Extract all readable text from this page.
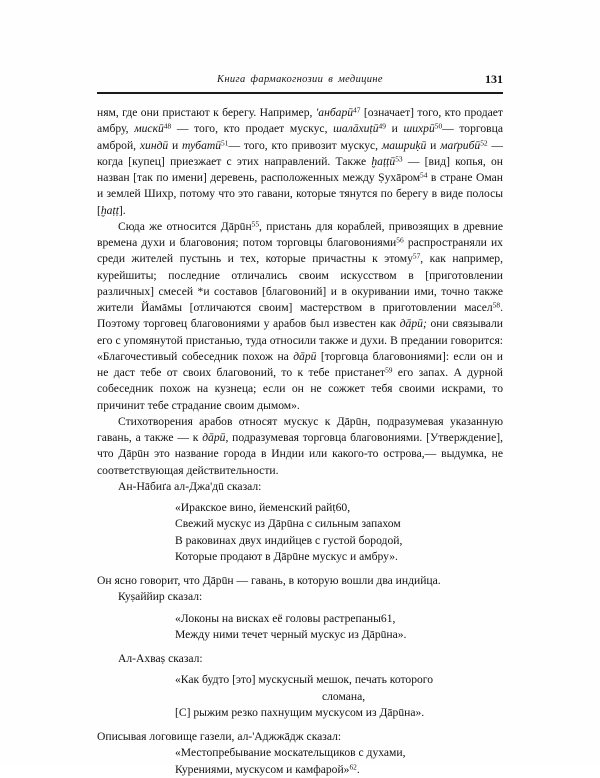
Книга фармакогнозии в медицине	131

ням, где они пристают к берегу. Например, 'анбарū$^{47}$ [означает] того, кто продает амбру, мискū$^{48}$ — того, кто продает мускус, шалāхиṭū$^{49}$ и шихрū$^{50}$— торговца амброй, хиндū и тубатū$^{51}$— того, кто привозит мускус, машриḳū и маґрибū$^{52}$ — когда [купец] приезжает с этих направлений. Также ḫаṭṭū$^{53}$ — [вид] копья, он назван [так по имени] деревень, расположенных между Ṣухāром$^{54}$ в стране Оман и землей Шихр, потому что это гавани, которые тянутся по берегу в виде полосы [ḫаṭṭ].

Сюда же относится Дāрūн$^{55}$, пристань для кораблей, привозящих в древние времена духи и благовония; потом торговцы благовониями$^{56}$ распространяли их среди жителей пустынь и тех, которые причастны к этому$^{57}$, как например, курейшиты; последние отличались своим искусством в [приготовлении различных] смесей *и составов [благовоний] и в окуривании ими, точно также жители Йамāмы [отличаются своим] мастерством в приготовлении масел$^{58}$. Поэтому торговец благовониями у арабов был известен как дāрū; они связывали его с упомянутой пристанью, туда относили также и духи. В предании говорится: «Благочестивый собеседник похож на дāрū [торговца благовониями]: если он и не даст тебе от своих благовоний, то к тебе пристанет$^{59}$ его запах. А дурной собеседник похож на кузнеца; если он не сожжет тебя своими искрами, то причинит тебе страдание своим дымом».

Стихотворения арабов относят мускус к Дāрūн, подразумевая указанную гавань, а также — к дāрū, подразумевая торговца благовониями. [Утверждение], что Дāрūн это название города в Индии или какого-то острова,— выдумка, не соответствующая действительности.

Ан-Нāбиґа ал-Джа'дū сказал:
«Иракское вино, йеменский райṭ60,
Свежий мускус из Дāрūна с сильным запахом
В раковинах двух индийцев с густой бородой,
Которые продают в Дāрūне мускус и амбру».
Он ясно говорит, что Дāрūн — гавань, в которую вошли два индийца.
Куṣаййир сказал:
«Локоны на висках её головы растрепаны61,
Между ними течет черный мускус из Дāрūна».
Ал-Ахваṣ сказал:
«Как будто [это] мускусный мешок, печать которого
сломана,
[С] рыжим резко пахнущим мускусом из Дāрūна».
Описывая логовище газели, ал-'Аджжāдж сказал:
«Местопребывание москательщиков с духами,
Курениями, мускусом и камфарой»$^{62}$.
